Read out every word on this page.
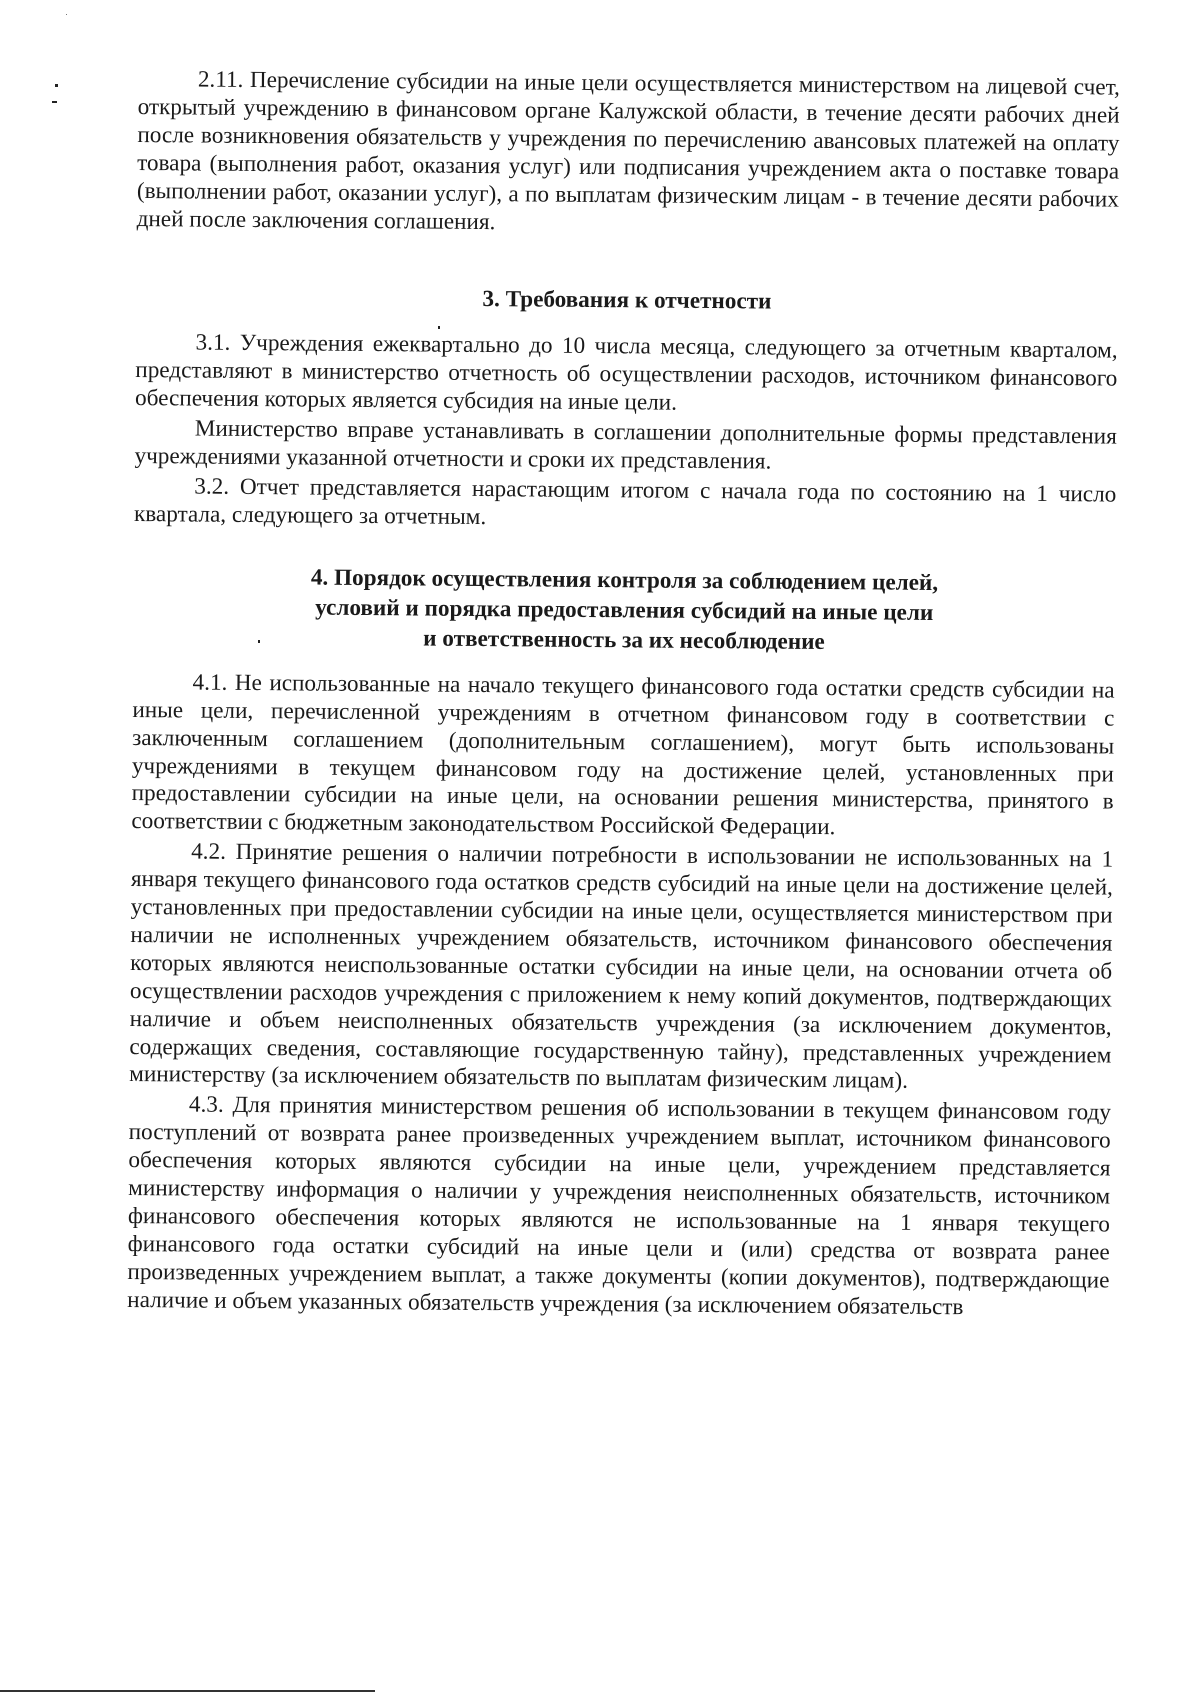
2.11. Перечисление субсидии на иные цели осуществляется министерством на лицевой счет, открытый учреждению в финансовом органе Калужской области, в течение десяти рабочих дней после возникновения обязательств у учреждения по перечислению авансовых платежей на оплату товара (выполнения работ, оказания услуг) или подписания учреждением акта о поставке товара (выполнении работ, оказании услуг), а по выплатам физическим лицам - в течение десяти рабочих дней после заключения соглашения.

3. Требования к отчетности

3.1. Учреждения ежеквартально до 10 числа месяца, следующего за отчетным кварталом, представляют в министерство отчетность об осуществлении расходов, источником финансового обеспечения которых является субсидия на иные цели.

Министерство вправе устанавливать в соглашении дополнительные формы представления учреждениями указанной отчетности и сроки их представления.

3.2. Отчет представляется нарастающим итогом с начала года по состоянию на 1 число квартала, следующего за отчетным.

4. Порядок осуществления контроля за соблюдением целей,
условий и порядка предоставления субсидий на иные цели
и ответственность за их несоблюдение

4.1. Не использованные на начало текущего финансового года остатки средств субсидии на иные цели, перечисленной учреждениям в отчетном финансовом году в соответствии с заключенным соглашением (дополнительным соглашением), могут быть использованы учреждениями в текущем финансовом году на достижение целей, установленных при предоставлении субсидии на иные цели, на основании решения министерства, принятого в соответствии с бюджетным законодательством Российской Федерации.

4.2. Принятие решения о наличии потребности в использовании не использованных на 1 января текущего финансового года остатков средств субсидий на иные цели на достижение целей, установленных при предоставлении субсидии на иные цели, осуществляется министерством при наличии не исполненных учреждением обязательств, источником финансового обеспечения которых являются неиспользованные остатки субсидии на иные цели, на основании отчета об осуществлении расходов учреждения с приложением к нему копий документов, подтверждающих наличие и объем неисполненных обязательств учреждения (за исключением документов, содержащих сведения, составляющие государственную тайну), представленных учреждением министерству (за исключением обязательств по выплатам физическим лицам).

4.3. Для принятия министерством решения об использовании в текущем финансовом году поступлений от возврата ранее произведенных учреждением выплат, источником финансового обеспечения которых являются субсидии на иные цели, учреждением представляется министерству информация о наличии у учреждения неисполненных обязательств, источником финансового обеспечения которых являются не использованные на 1 января текущего финансового года остатки субсидий на иные цели и (или) средства от возврата ранее произведенных учреждением выплат, а также документы (копии документов), подтверждающие наличие и объем указанных обязательств учреждения (за исключением обязательств
